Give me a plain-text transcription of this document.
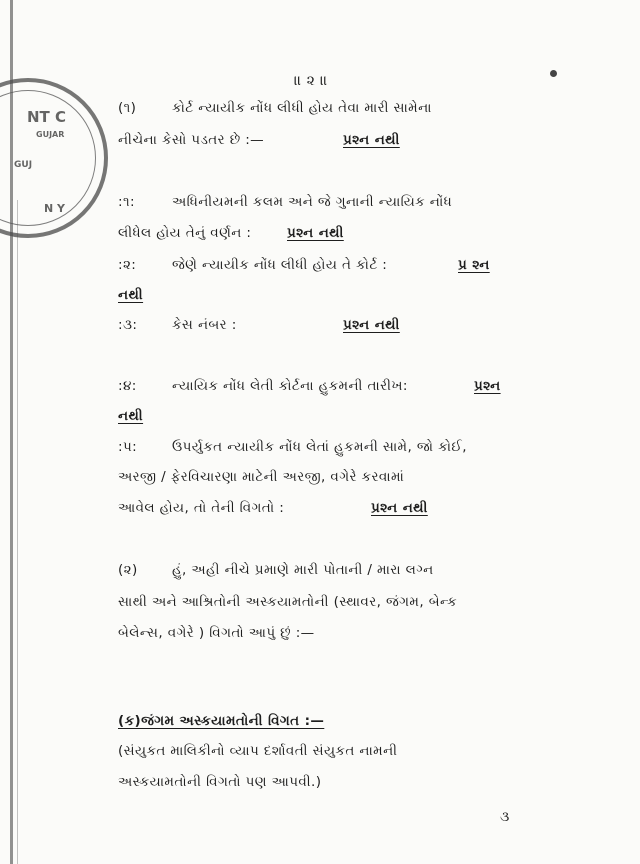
NT C
GUJAR
GUJ
N Y
॥ ૨ ॥
(૧)	કોર્ટ ન્યાયીક નોંધ લીધી હોય તેવા મારી સામેના
નીચેના કેસો પડતર છે :—	પ્રશ્ન નથી
:૧:	અધિનીયમની કલમ અને જે ગુનાની ન્યાયિક નોંધ
લીધેલ હોય તેનું વર્ણન :	પ્રશ્ન નથી
:૨:	જેણે ન્યાયીક નોંધ લીધી હોય તે કોર્ટ :	પ્ર શ્ન
નથી
:૩:	કેસ નંબર :	પ્રશ્ન નથી
:૪:	ન્યાયિક નોંધ લેતી કોર્ટના હુકમની તારીખ:	પ્રશ્ન
નથી
:પ:	ઉપર્યુકત ન્યાયીક નોંધ લેતાં હુકમની સામે, જો કોઈ,
અરજી / ફેરવિચારણા માટેની અરજી, વગેરે કરવામાં
આવેલ હોય, તો તેની વિગતો :	પ્રશ્ન નથી
(૨)	હું, અહી નીચે પ્રમાણે મારી પોતાની / મારા લગ્ન
સાથી અને આશ્રિતોની અસ્કયામતોની (સ્થાવર, જંગમ, બેન્ક
બેલેન્સ, વગેરે ) વિગતો આપું છું :—
(ક)જંગમ અસ્કયામતોની વિગત :—
(સંયુકત માલિકીનો વ્યાપ દર્શાવતી સંયુકત નામની
અસ્કયામતોની વિગતો પણ આપવી.)
૩
